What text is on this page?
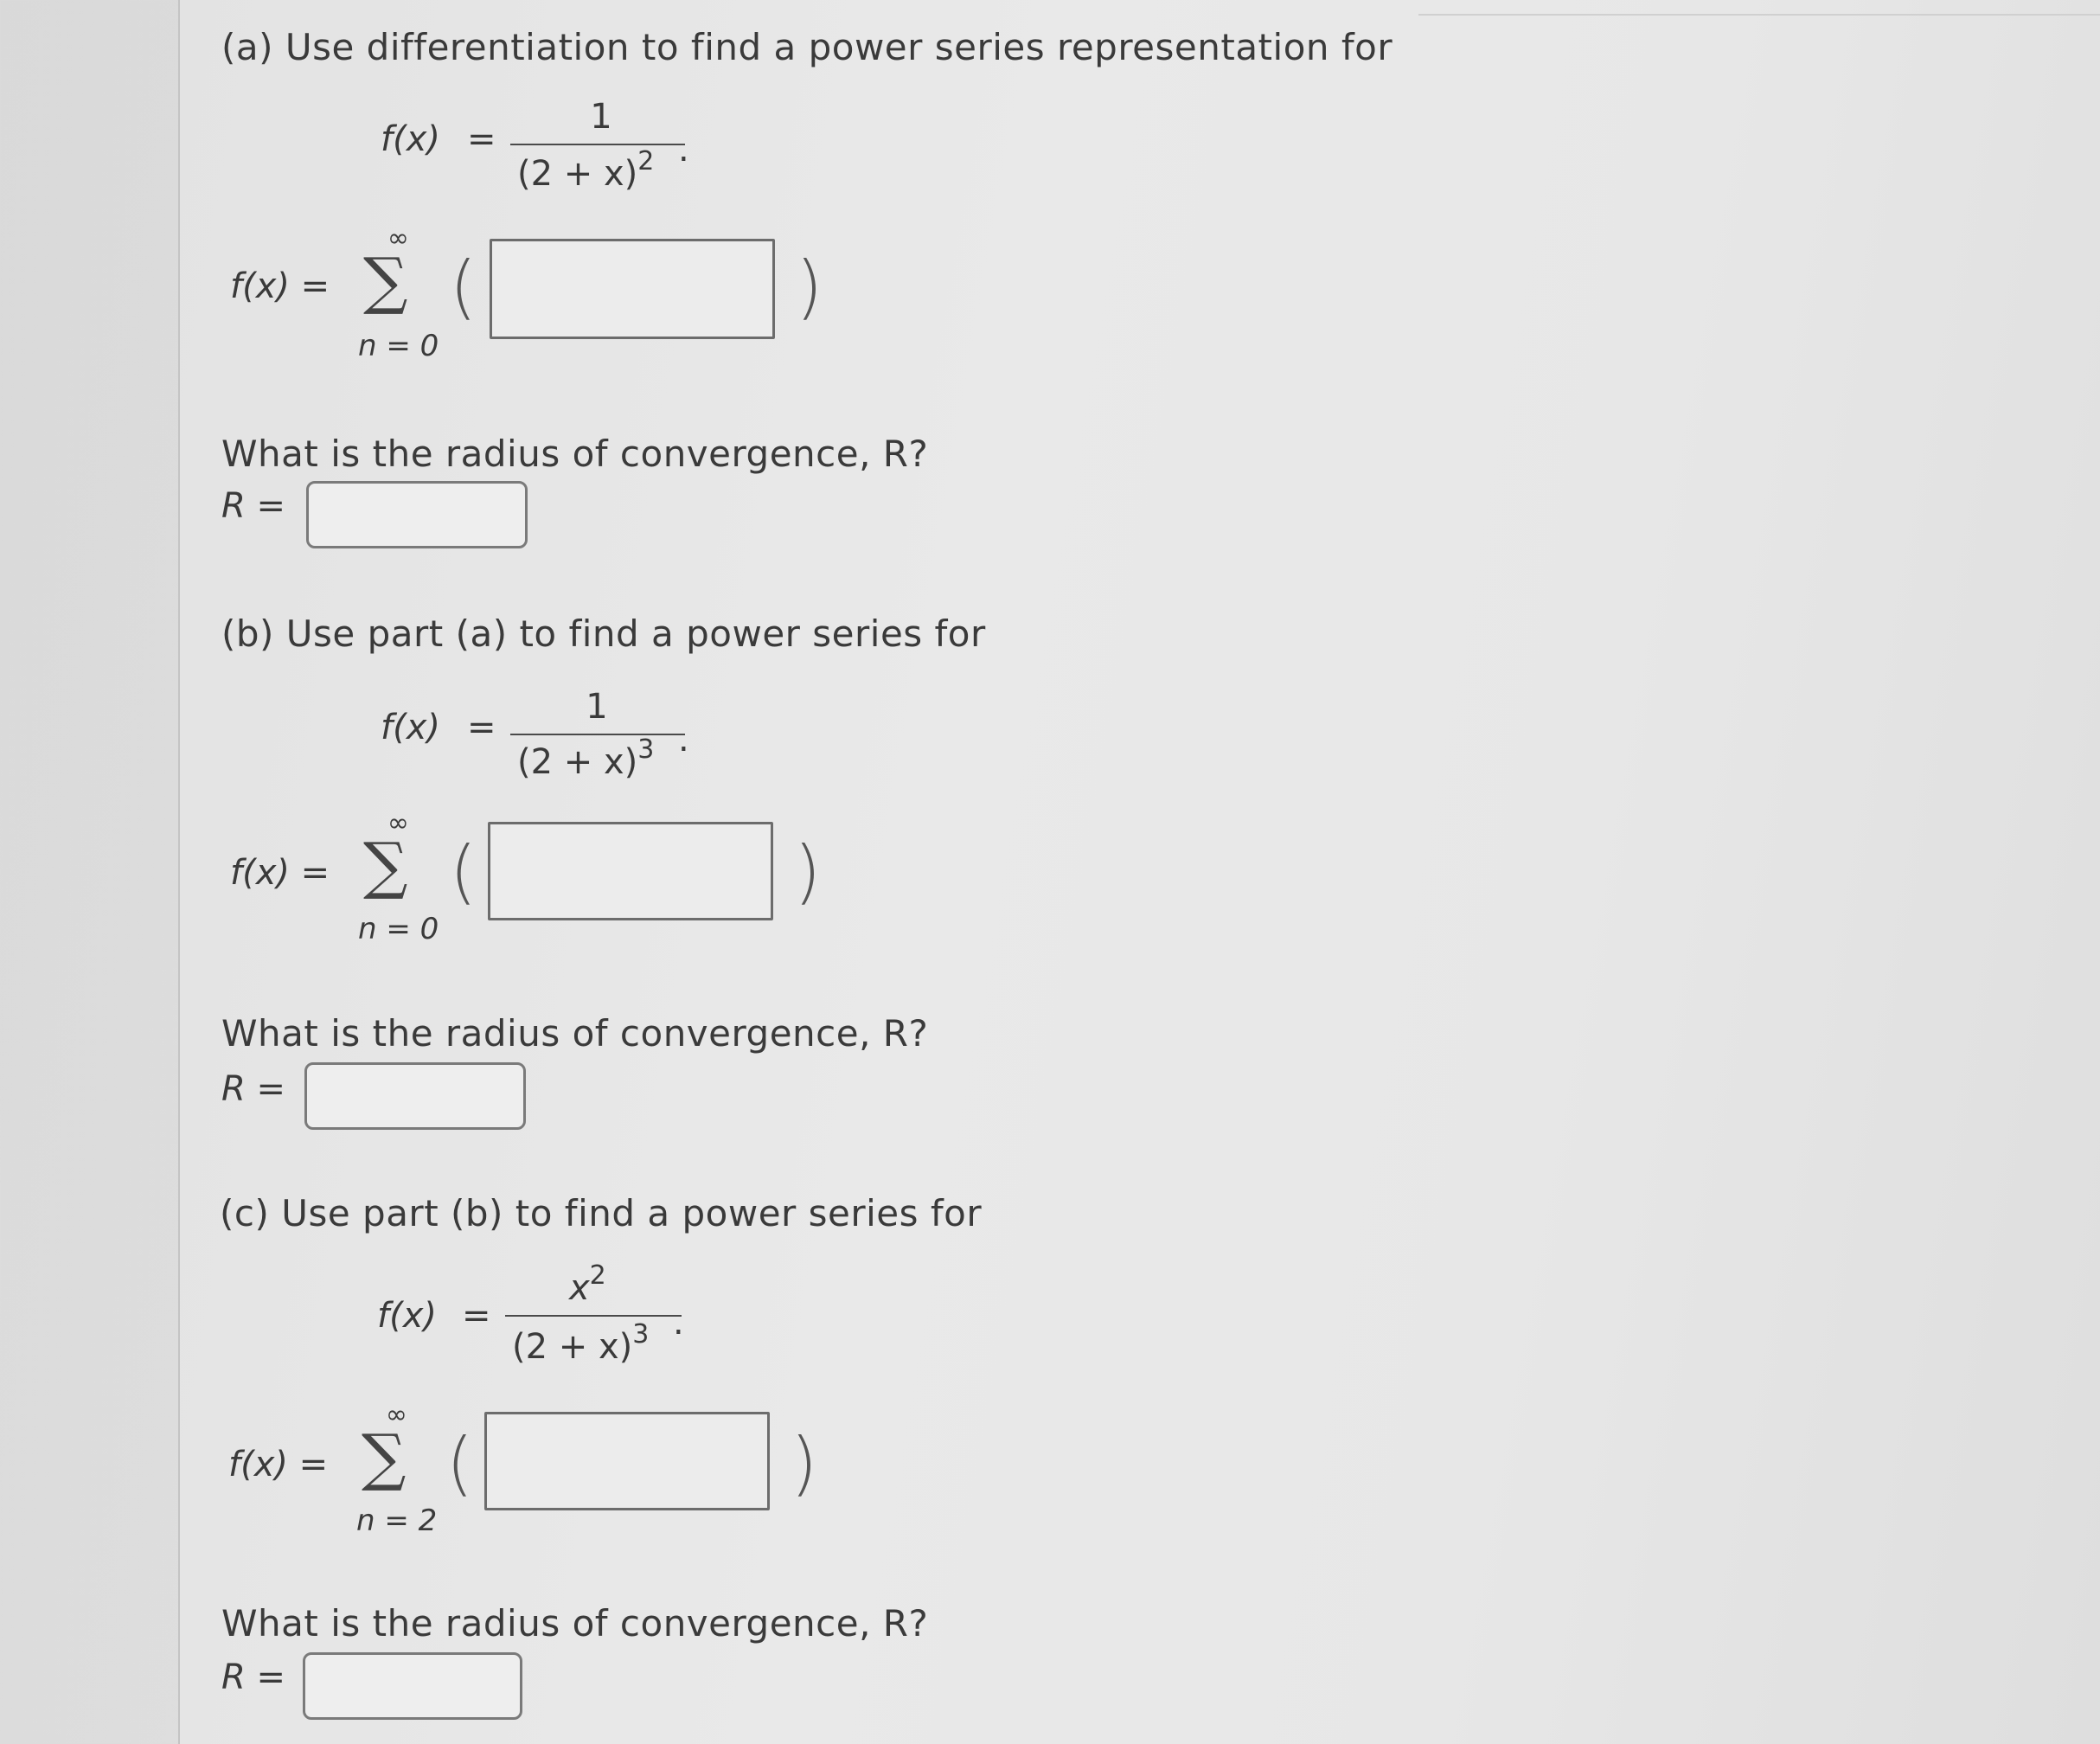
(a) Use differentiation to find a power series representation for
f(x) =
1
$(2 + x)^2$ .
f(x) =
∞
∑
n = 0
(	)
What is the radius of convergence, R?
R =
(b) Use part (a) to find a power series for
f(x) =
1
$(2 + x)^3$ .
f(x) =
∞
∑
n = 0
(	)
What is the radius of convergence, R?
R =
(c) Use part (b) to find a power series for
f(x) =
$x^2$
$(2 + x)^3$ .
f(x) =
∞
∑
n = 2
(	)
What is the radius of convergence, R?
R =
